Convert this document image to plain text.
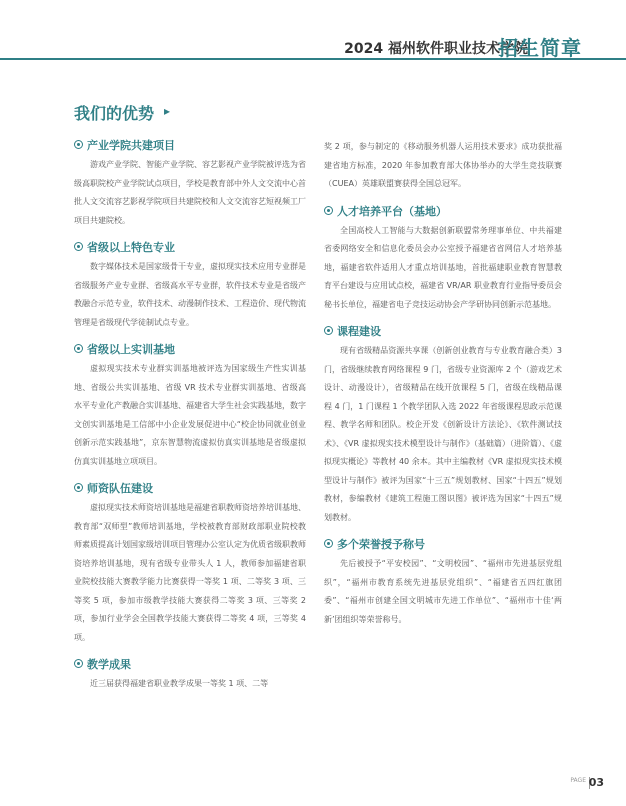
2024 福州软件职业技术学院
招生简章
我们的优势 ▸
产业学院共建项目
游戏产业学院、智能产业学院、容艺影视产业学院被评选为省级高职院校产业学院试点项目，学校是教育部中外人文交流中心首批人文交流容艺影视学院项目共建院校和人文交流容艺短视频工厂项目共建院校。
省级以上特色专业
数字媒体技术是国家级骨干专业，虚拟现实技术应用专业群是省级服务产业专业群、省级高水平专业群，软件技术专业是省级产教融合示范专业，软件技术、动漫制作技术、工程造价、现代物流管理是省级现代学徒制试点专业。
省级以上实训基地
虚拟现实技术专业群实训基地被评选为国家级生产性实训基地、省级公共实训基地、省级 VR 技术专业群实训基地、省级高水平专业化产教融合实训基地、福建省大学生社会实践基地，数字文创实训基地是工信部中小企业发展促进中心“校企协同就业创业创新示范实践基地”，京东智慧物流虚拟仿真实训基地是省级虚拟仿真实训基地立项项目。
师资队伍建设
虚拟现实技术师资培训基地是福建省职教师资培养培训基地、教育部“双师型”教师培训基地，学校被教育部财政部职业院校教师素质提高计划国家级培训项目管理办公室认定为优质省级职教师资培养培训基地，现有省级专业带头人 1 人，教师参加福建省职业院校技能大赛教学能力比赛获得一等奖 1 项、二等奖 3 项、三等奖 5 项，参加市级教学技能大赛获得二等奖 3 项、三等奖 2 项，参加行业学会全国教学技能大赛获得二等奖 4 项，三等奖 4 项。
教学成果
近三届获得福建省职业教学成果一等奖 1 项、二等
奖 2 项，参与制定的《移动服务机器人运用技术要求》成功获批福建省地方标准，2020 年参加教育部大体协举办的大学生竞技联赛（CUEA）英雄联盟赛获得全国总冠军。
人才培养平台（基地）
全国高校人工智能与大数据创新联盟常务理事单位、中共福建省委网络安全和信息化委员会办公室授予福建省省网信人才培养基地，福建省软件适用人才重点培训基地，首批福建职业教育智慧教育平台建设与应用试点校，福建省 VR/AR 职业教育行业指导委员会秘书长单位，福建省电子竞技运动协会产学研协同创新示范基地。
课程建设
现有省级精品资源共享课（创新创业教育与专业教育融合类）3 门，省级继续教育网络课程 9 门，省级专业资源库 2 个（游戏艺术设计、动漫设计），省级精品在线开放课程 5 门，省级在线精品课程 4 门，1 门课程 1 个教学团队入选 2022 年省级课程思政示范课程、教学名师和团队。校企开发《创新设计方法论》、《软件测试技术》、《VR 虚拟现实技术模型设计与制作》（基础篇）（进阶篇）、《虚拟现实概论》等教材 40 余本。其中主编教材《VR 虚拟现实技术模型设计与制作》被评为国家“十三五”规划教材、国家“十四五”规划教材，参编教材《建筑工程施工图识图》被评选为国家“十四五”规划教材。
多个荣誉授予称号
先后被授予“平安校园”、“文明校园”、“福州市先进基层党组织”，“福州市教育系统先进基层党组织”、“福建省五四红旗团委”、“福州市创建全国文明城市先进工作单位”、“福州市十佳‘两新’团组织等荣誉称号。
PAGE 03
